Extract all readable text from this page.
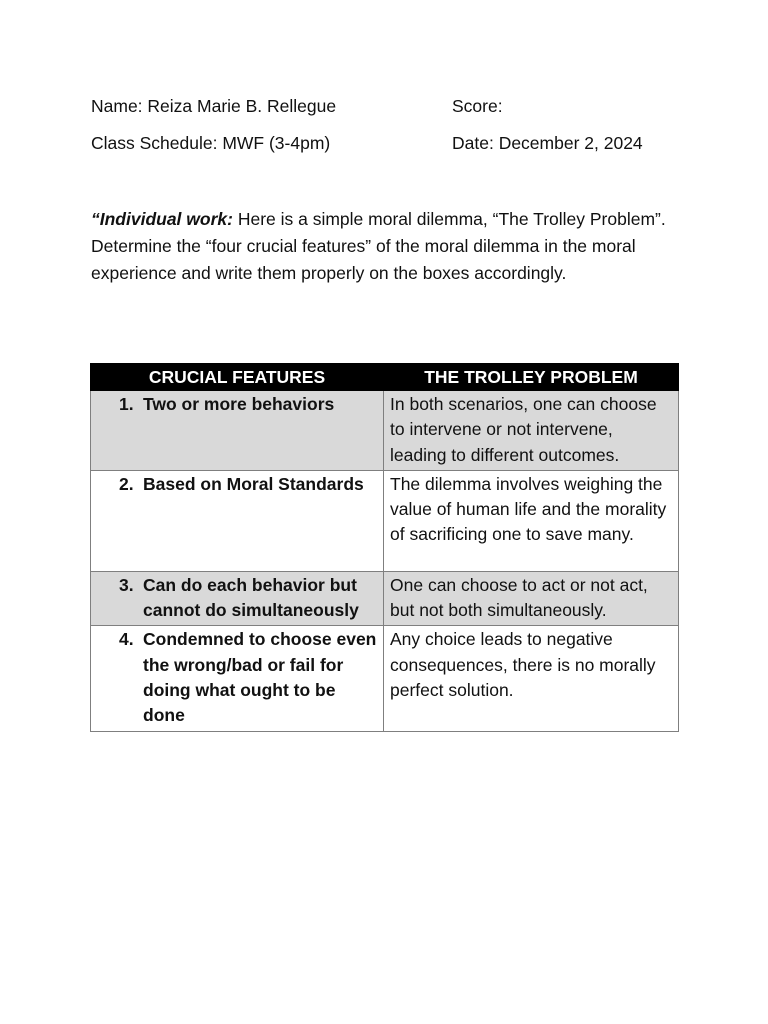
Name: Reiza Marie B. Rellegue	Score:
Class Schedule: MWF (3-4pm)	Date: December 2, 2024

“Individual work: Here is a simple moral dilemma, “The Trolley Problem”. Determine the “four crucial features” of the moral dilemma in the moral experience and write them properly on the boxes accordingly.

CRUCIAL FEATURES	THE TROLLEY PROBLEM

1. Two or more behaviors	In both scenarios, one can choose to intervene or not intervene, leading to different outcomes.

2. Based on Moral Standards	The dilemma involves weighing the value of human life and the morality of sacrificing one to save many.

3. Can do each behavior but cannot do simultaneously	One can choose to act or not act, but not both simultaneously.

4. Condemned to choose even the wrong/bad or fail for doing what ought to be done	Any choice leads to negative consequences, there is no morally perfect solution.
